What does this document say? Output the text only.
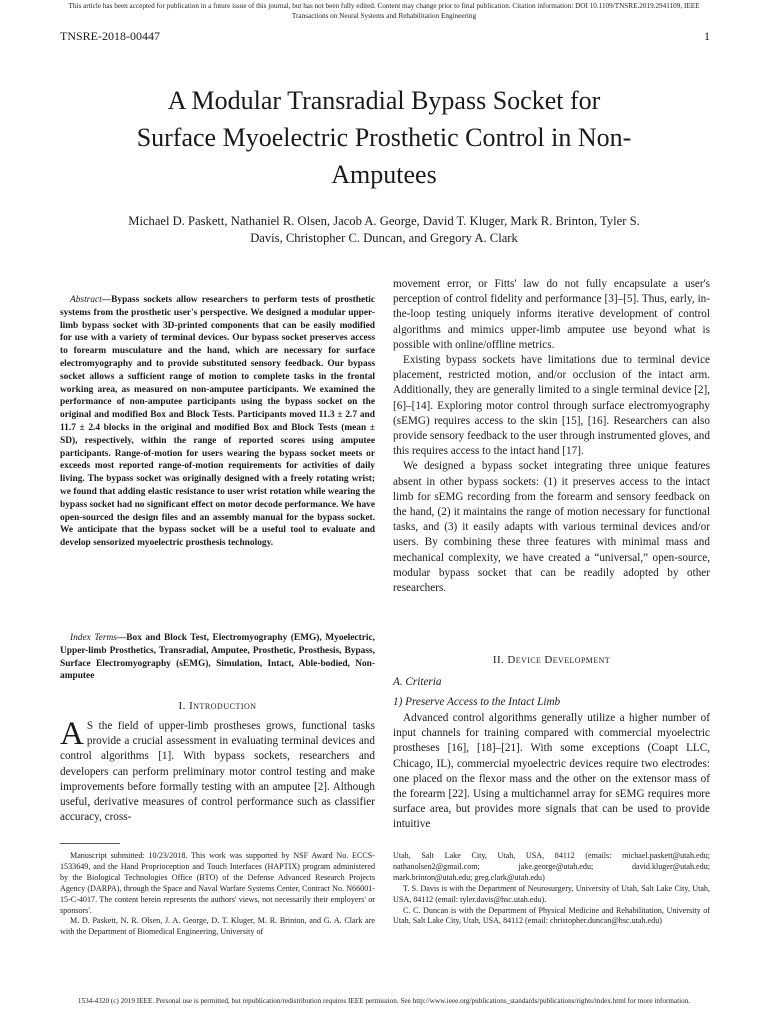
This article has been accepted for publication in a future issue of this journal, but has not been fully edited. Content may change prior to final publication. Citation information: DOI 10.1109/TNSRE.2019.2941109, IEEE
Transactions on Neural Systems and Rehabilitation Engineering
TNSRE-2018-00447	1
A Modular Transradial Bypass Socket for
Surface Myoelectric Prosthetic Control in Non-
Amputees
Michael D. Paskett, Nathaniel R. Olsen, Jacob A. George, David T. Kluger, Mark R. Brinton, Tyler S.
Davis, Christopher C. Duncan, and Gregory A. Clark
Abstract—Bypass sockets allow researchers to perform tests of prosthetic systems from the prosthetic user's perspective. We designed a modular upper-limb bypass socket with 3D-printed components that can be easily modified for use with a variety of terminal devices. Our bypass socket preserves access to forearm musculature and the hand, which are necessary for surface electromyography and to provide substituted sensory feedback. Our bypass socket allows a sufficient range of motion to complete tasks in the frontal working area, as measured on non-amputee participants. We examined the performance of non-amputee participants using the bypass socket on the original and modified Box and Block Tests. Participants moved 11.3 ± 2.7 and 11.7 ± 2.4 blocks in the original and modified Box and Block Tests (mean ± SD), respectively, within the range of reported scores using amputee participants. Range-of-motion for users wearing the bypass socket meets or exceeds most reported range-of-motion requirements for activities of daily living. The bypass socket was originally designed with a freely rotating wrist; we found that adding elastic resistance to user wrist rotation while wearing the bypass socket had no significant effect on motor decode performance. We have open-sourced the design files and an assembly manual for the bypass socket. We anticipate that the bypass socket will be a useful tool to evaluate and develop sensorized myoelectric prosthesis technology.
Index Terms—Box and Block Test, Electromyography (EMG), Myoelectric, Upper-limb Prosthetics, Transradial, Amputee, Prosthetic, Prosthesis, Bypass, Surface Electromyography (sEMG), Simulation, Intact, Able-bodied, Non-amputee
I. Introduction
A S the field of upper-limb prostheses grows, functional tasks provide a crucial assessment in evaluating terminal devices and control algorithms [1]. With bypass sockets, researchers and developers can perform preliminary motor control testing and make improvements before formally testing with an amputee [2]. Although useful, derivative measures of control performance such as classifier accuracy, cross-

movement error, or Fitts' law do not fully encapsulate a user's perception of control fidelity and performance [3]–[5]. Thus, early, in-the-loop testing uniquely informs iterative development of control algorithms and mimics upper-limb amputee use beyond what is possible with online/offline metrics.

Existing bypass sockets have limitations due to terminal device placement, restricted motion, and/or occlusion of the intact arm. Additionally, they are generally limited to a single terminal device [2], [6]–[14]. Exploring motor control through surface electromyography (sEMG) requires access to the skin [15], [16]. Researchers can also provide sensory feedback to the user through instrumented gloves, and this requires access to the intact hand [17].

We designed a bypass socket integrating three unique features absent in other bypass sockets: (1) it preserves access to the intact limb for sEMG recording from the forearm and sensory feedback on the hand, (2) it maintains the range of motion necessary for functional tasks, and (3) it easily adapts with various terminal devices and/or users. By combining these three features with minimal mass and mechanical complexity, we have created a “universal,” open-source, modular bypass socket that can be readily adopted by other researchers.

II. Device Development
A. Criteria
1) Preserve Access to the Intact Limb

Advanced control algorithms generally utilize a higher number of input channels for training compared with commercial myoelectric prostheses [16], [18]–[21]. With some exceptions (Coapt LLC, Chicago, IL), commercial myoelectric devices require two electrodes: one placed on the flexor mass and the other on the extensor mass of the forearm [22]. Using a multichannel array for sEMG requires more surface area, but provides more signals that can be used to provide intuitive

Manuscript submitted: 10/23/2018. This work was supported by NSF Award No. ECCS-1533649, and the Hand Proprioception and Touch Interfaces (HAPTIX) program administered by the Biological Technologies Office (BTO) of the Defense Advanced Research Projects Agency (DARPA), through the Space and Naval Warfare Systems Center, Contract No. N66001-15-C-4017. The content herein represents the authors' views, not necessarily their employers' or sponsors'.

M. D. Paskett, N. R. Olsen, J. A. George, D. T. Kluger, M. R. Brinton, and G. A. Clark are with the Department of Biomedical Engineering, University of

Utah, Salt Lake City, Utah, USA, 84112 (emails: michael.paskett@utah.edu; nathanolsen2@gmail.com; jake.george@utah.edu; david.kluger@utah.edu; mark.brinton@utah.edu; greg.clark@utah.edu)

T. S. Davis is with the Department of Neurosurgery, University of Utah, Salt Lake City, Utah, USA, 84112 (email: tyler.davis@hsc.utah.edu).

C. C. Duncan is with the Department of Physical Medicine and Rehabilitation, University of Utah, Salt Lake City, Utah, USA, 84112 (email: christopher.duncan@hsc.utah.edu)

1534-4320 (c) 2019 IEEE. Personal use is permitted, but republication/redistribution requires IEEE permission. See http://www.ieee.org/publications_standards/publications/rights/index.html for more information.
